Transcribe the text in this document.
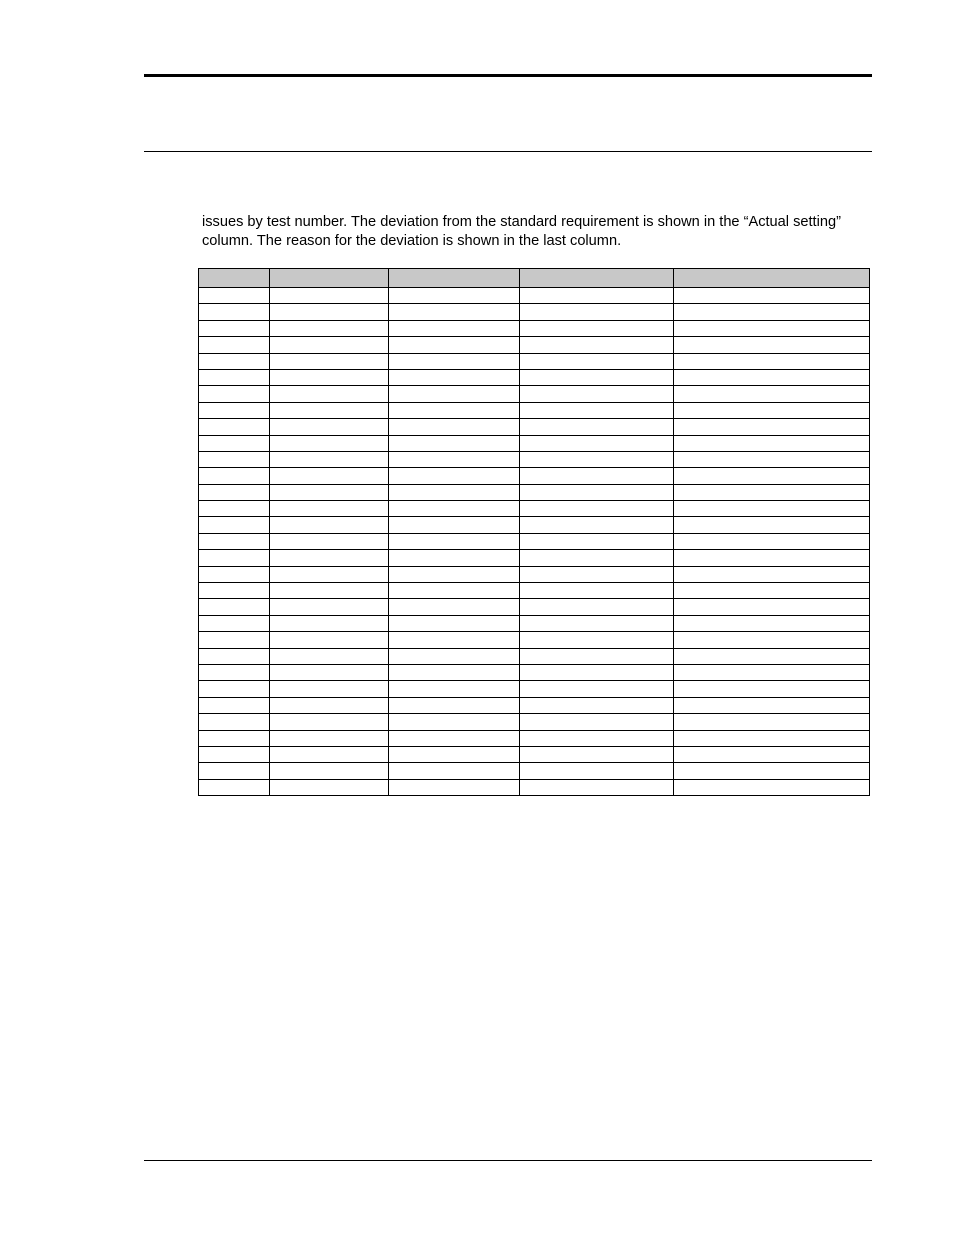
issues by test number. The deviation from the standard requirement is shown in the “Actual setting” column. The reason for the deviation is shown in the last column.
